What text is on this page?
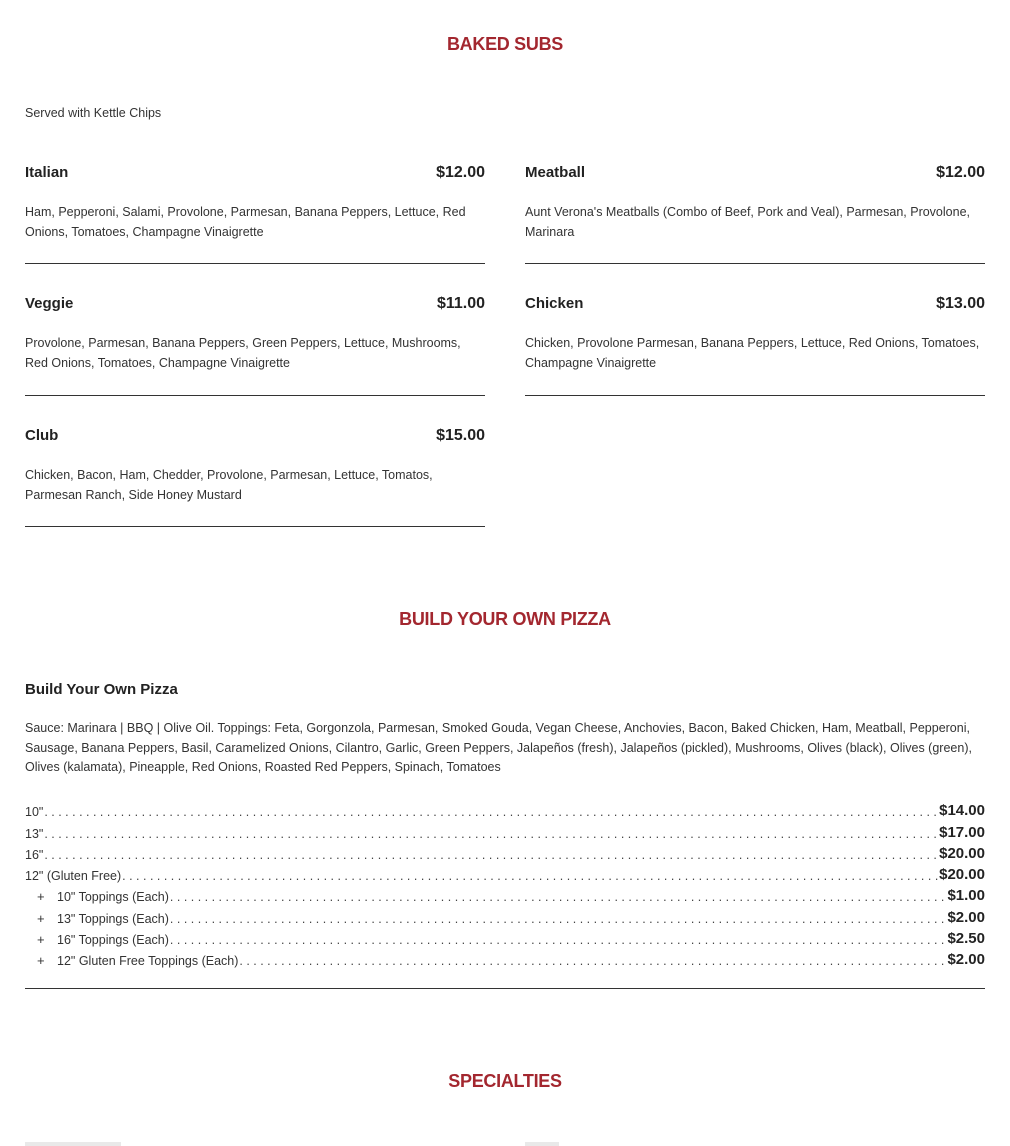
BAKED SUBS
Served with Kettle Chips
Italian	$12.00
Ham, Pepperoni, Salami, Provolone, Parmesan, Banana Peppers, Lettuce, Red Onions, Tomatoes, Champagne Vinaigrette
Meatball	$12.00
Aunt Verona's Meatballs (Combo of Beef, Pork and Veal), Parmesan, Provolone, Marinara
Veggie	$11.00
Provolone, Parmesan, Banana Peppers, Green Peppers, Lettuce, Mushrooms, Red Onions, Tomatoes, Champagne Vinaigrette
Chicken	$13.00
Chicken, Provolone Parmesan, Banana Peppers, Lettuce, Red Onions, Tomatoes, Champagne Vinaigrette
Club	$15.00
Chicken, Bacon, Ham, Chedder, Provolone, Parmesan, Lettuce, Tomatos, Parmesan Ranch, Side Honey Mustard
BUILD YOUR OWN PIZZA
Build Your Own Pizza
Sauce: Marinara | BBQ | Olive Oil. Toppings: Feta, Gorgonzola, Parmesan, Smoked Gouda, Vegan Cheese, Anchovies, Bacon, Baked Chicken, Ham, Meatball, Pepperoni, Sausage, Banana Peppers, Basil, Caramelized Onions, Cilantro, Garlic, Green Peppers, Jalapeños (fresh), Jalapeños (pickled), Mushrooms, Olives (black), Olives (green), Olives (kalamata), Pineapple, Red Onions, Roasted Red Peppers, Spinach, Tomatoes
10" . . .	$14.00
13" . . .	$17.00
16" . . .	$20.00
12" (Gluten Free) . . .	$20.00
+ 10" Toppings (Each) . . .	$1.00
+ 13" Toppings (Each) . . .	$2.00
+ 16" Toppings (Each) . . .	$2.50
+ 12" Gluten Free Toppings (Each) . . .	$2.00
SPECIALTIES
